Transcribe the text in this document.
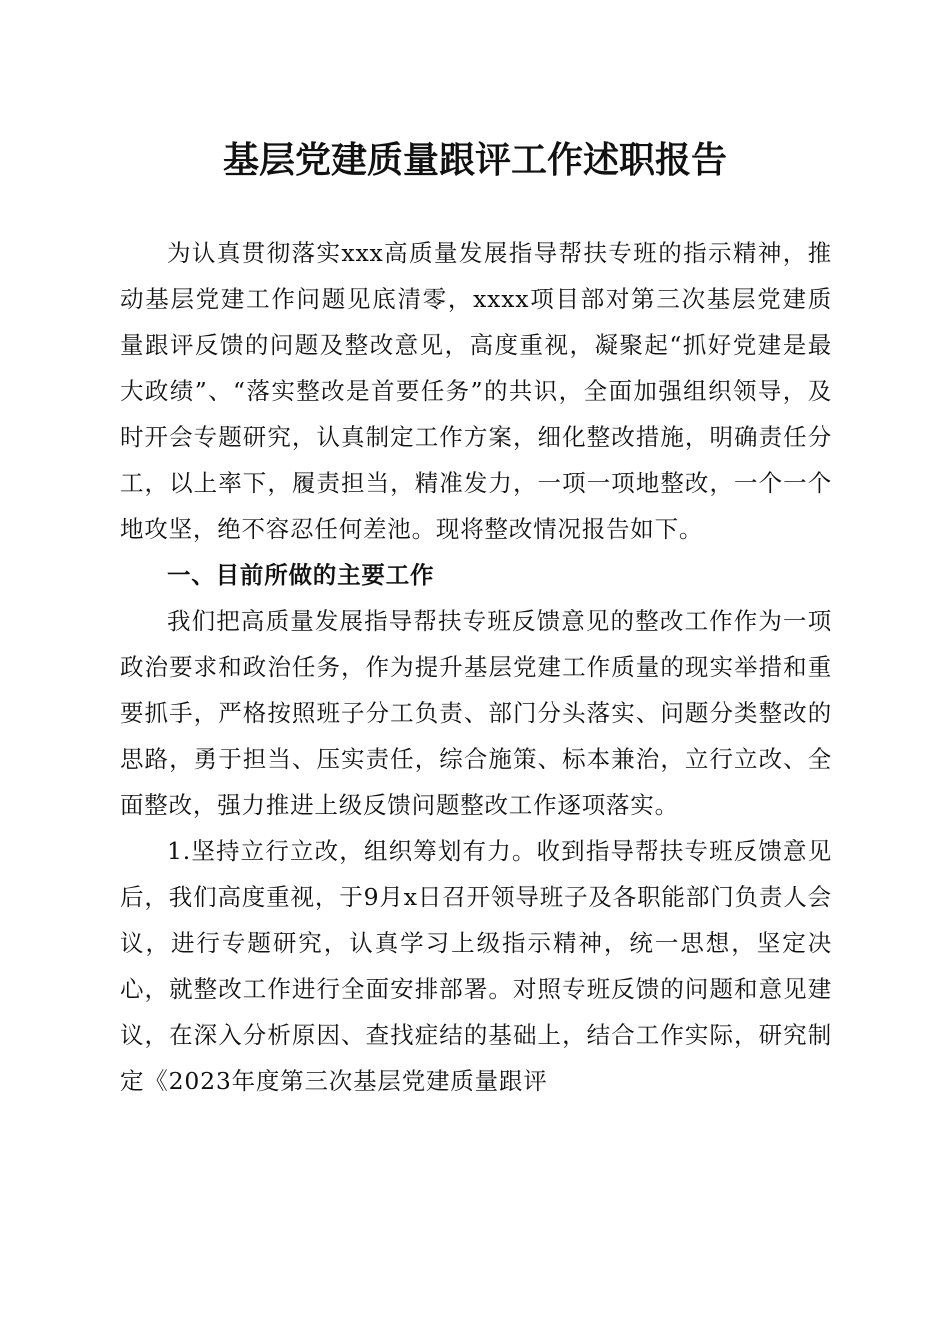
基层党建质量跟评工作述职报告

为认真贯彻落实xxx高质量发展指导帮扶专班的指示精神，推动基层党建工作问题见底清零，xxxx项目部对第三次基层党建质量跟评反馈的问题及整改意见，高度重视，凝聚起“抓好党建是最大政绩”、“落实整改是首要任务”的共识，全面加强组织领导，及时开会专题研究，认真制定工作方案，细化整改措施，明确责任分工，以上率下，履责担当，精准发力，一项一项地整改，一个一个地攻坚，绝不容忍任何差池。现将整改情况报告如下。

一、目前所做的主要工作

我们把高质量发展指导帮扶专班反馈意见的整改工作作为一项政治要求和政治任务，作为提升基层党建工作质量的现实举措和重要抓手，严格按照班子分工负责、部门分头落实、问题分类整改的思路，勇于担当、压实责任，综合施策、标本兼治，立行立改、全面整改，强力推进上级反馈问题整改工作逐项落实。

1.坚持立行立改，组织筹划有力。收到指导帮扶专班反馈意见后，我们高度重视，于9月x日召开领导班子及各职能部门负责人会议，进行专题研究，认真学习上级指示精神，统一思想，坚定决心，就整改工作进行全面安排部署。对照专班反馈的问题和意见建议，在深入分析原因、查找症结的基础上，结合工作实际，研究制定《2023年度第三次基层党建质量跟评
